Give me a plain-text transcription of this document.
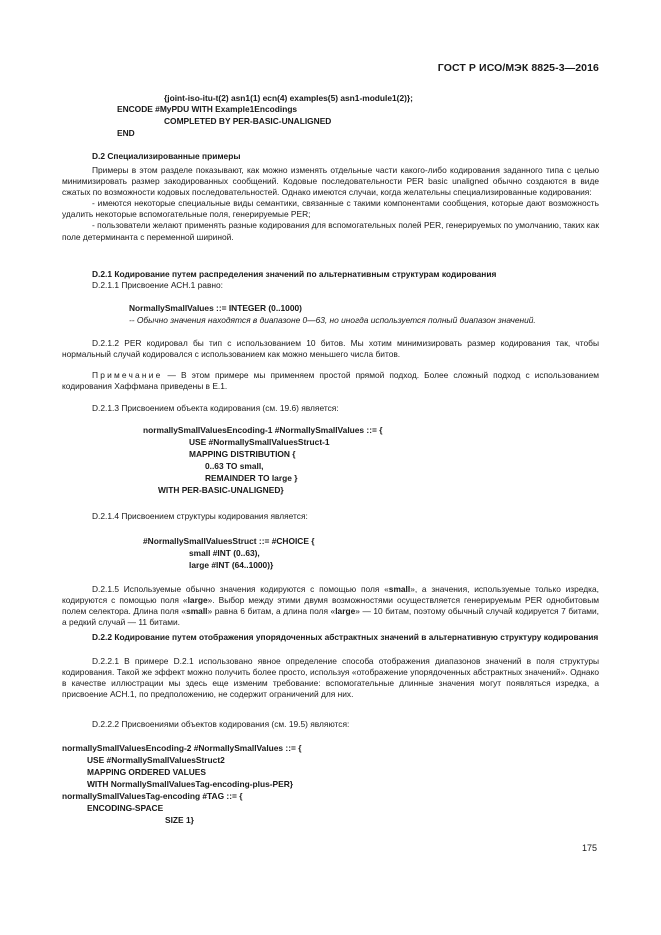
ГОСТ Р ИСО/МЭК 8825-3—2016
{joint-iso-itu-t(2) asn1(1) ecn(4) examples(5) asn1-module1(2)};
ENCODE #MyPDU WITH Example1Encodings
COMPLETED BY PER-BASIC-UNALIGNED
END
D.2 Специализированные примеры

Примеры в этом разделе показывают, как можно изменять отдельные части какого-либо кодирования заданного типа с целью минимизировать размер закодированных сообщений. Кодовые последовательности PER basic unaligned обычно создаются в виде сжатых по возможности кодовых последовательностей. Однако имеются случаи, когда желательны специализированные кодирования:

- имеются некоторые специальные виды семантики, связанные с такими компонентами сообщения, которые дают возможность удалить некоторые вспомогательные поля, генерируемые PER;

- пользователи желают применять разные кодирования для вспомогательных полей PER, генерируемых по умолчанию, таких как поле детерминанта с переменной шириной.

D.2.1 Кодирование путем распределения значений по альтернативным структурам кодирования
D.2.1.1 Присвоение АСН.1 равно:
NormallySmallValues ::= INTEGER (0..1000)
-- Обычно значения находятся в диапазоне 0—63, но иногда используется полный диапазон значений.

D.2.1.2 PER кодировал бы тип с использованием 10 битов. Мы хотим минимизировать размер кодирования так, чтобы нормальный случай кодировался с использованием как можно меньшего числа битов.

Примечание — В этом примере мы применяем простой прямой подход. Более сложный подход с использованием кодирования Хаффмана приведены в Е.1.

D.2.1.3 Присвоением объекта кодирования (см. 19.6) является:
normallySmallValuesEncoding-1 #NormallySmallValues ::= {
USE #NormallySmallValuesStruct-1
MAPPING DISTRIBUTION {
0..63 TO small,
REMAINDER TO large }
WITH PER-BASIC-UNALIGNED}
D.2.1.4 Присвоением структуры кодирования является:
#NormallySmallValuesStruct ::= #CHOICE {
small #INT (0..63),
large #INT (64..1000)}

D.2.1.5 Используемые обычно значения кодируются с помощью поля «small», а значения, используемые только изредка, кодируются с помощью поля «large». Выбор между этими двумя возможностями осуществляется генерируемым PER однобитовым полем селектора. Длина поля «small» равна 6 битам, а длина поля «large» — 10 битам, поэтому обычный случай кодируется 7 битами, а редкий случай — 11 битами.

D.2.2 Кодирование путем отображения упорядоченных абстрактных значений в альтернативную структуру кодирования

D.2.2.1 В примере D.2.1 использовано явное определение способа отображения диапазонов значений в поля структуры кодирования. Такой же эффект можно получить более просто, используя «отображение упорядоченных абстрактных значений». Однако в качестве иллюстрации мы здесь еще изменим требование: вспомогательные длинные значения могут появляться изредка, а присвоение АСН.1, по предположению, не содержит ограничений для них.

D.2.2.2 Присвоениями объектов кодирования (см. 19.5) являются:
normallySmallValuesEncoding-2 #NormallySmallValues ::= {
USE #NormallySmallValuesStruct2
MAPPING ORDERED VALUES
WITH NormallySmallValuesTag-encoding-plus-PER}
normallySmallValuesTag-encoding #TAG ::= {
ENCODING-SPACE
SIZE 1}
175
